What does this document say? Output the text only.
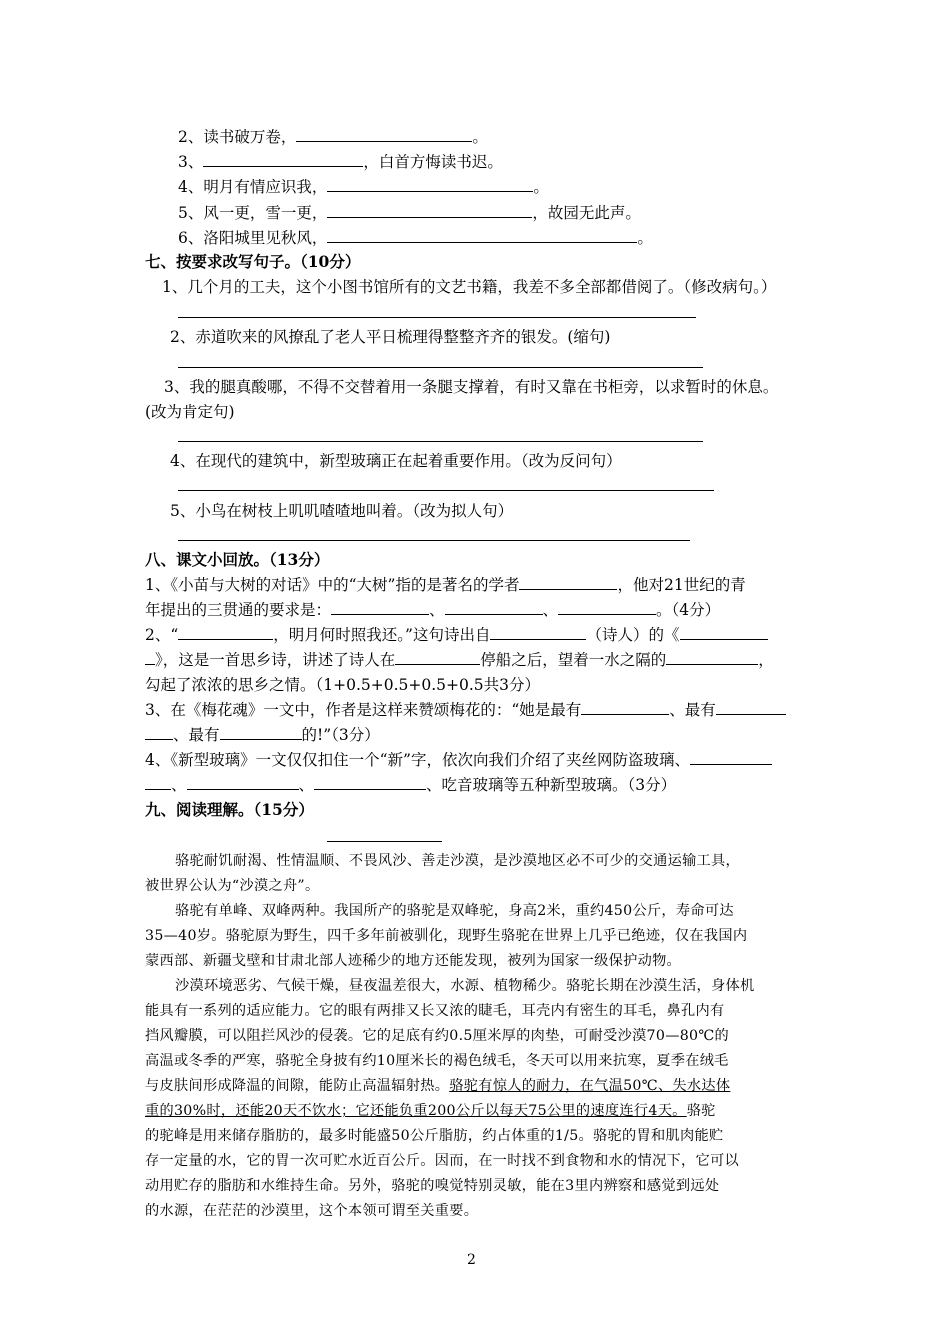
2、读书破万卷，	。
3、	，白首方悔读书迟。
4、明月有情应识我，	。
5、风一更，雪一更，	，故园无此声。
6、洛阳城里见秋风，	。
七、按要求改写句子。（10分）
1、几个月的工夫，这个小图书馆所有的文艺书籍，我差不多全部都借阅了。（修改病句。）
2、赤道吹来的风撩乱了老人平日梳理得整整齐齐的银发。(缩句)
3、我的腿真酸哪，不得不交替着用一条腿支撑着，有时又靠在书柜旁，以求暂时的休息。
(改为肯定句)
4、在现代的建筑中，新型玻璃正在起着重要作用。（改为反问句）
5、小鸟在树枝上叽叽喳喳地叫着。（改为拟人句）
八、课文小回放。（13分）
1、《小苗与大树的对话》中的“大树”指的是著名的学者	，他对21世纪的青
年提出的三贯通的要求是：	、	、	。（4分）
2、“	，明月何时照我还。”这句诗出自	（诗人）的《
》，这是一首思乡诗，讲述了诗人在	停船之后，望着一水之隔的	，
勾起了浓浓的思乡之情。（1+0.5+0.5+0.5+0.5共3分）
3、在《梅花魂》一文中，作者是这样来赞颂梅花的：“她是最有	、最有
、最有	的!”（3分）
4、《新型玻璃》一文仅仅扣住一个“新”字，依次向我们介绍了夹丝网防盗玻璃、
、	、	、吃音玻璃等五种新型玻璃。（3分）
九、阅读理解。（15分）
骆驼耐饥耐渴、性情温顺、不畏风沙、善走沙漠，是沙漠地区必不可少的交通运输工具，
被世界公认为“沙漠之舟”。
骆驼有单峰、双峰两种。我国所产的骆驼是双峰驼，身高2米，重约450公斤，寿命可达
35—40岁。骆驼原为野生，四千多年前被驯化，现野生骆驼在世界上几乎已绝迹，仅在我国内
蒙西部、新疆戈壁和甘肃北部人迹稀少的地方还能发现，被列为国家一级保护动物。
沙漠环境恶劣、气候干燥，昼夜温差很大，水源、植物稀少。骆驼长期在沙漠生活，身体机
能具有一系列的适应能力。它的眼有两排又长又浓的睫毛，耳壳内有密生的耳毛，鼻孔内有
挡风瓣膜，可以阻拦风沙的侵袭。它的足底有约0.5厘米厚的肉垫，可耐受沙漠70—80℃的
高温或冬季的严寒，骆驼全身披有约10厘米长的褐色绒毛，冬天可以用来抗寒，夏季在绒毛
与皮肤间形成降温的间隙，能防止高温辐射热。骆驼有惊人的耐力，在气温50℃、失水达体
重的30%时，还能20天不饮水；它还能负重200公斤以每天75公里的速度连行4天。骆驼
的驼峰是用来储存脂肪的，最多时能盛50公斤脂肪，约占体重的1/5。骆驼的胃和肌肉能贮
存一定量的水，它的胃一次可贮水近百公斤。因而，在一时找不到食物和水的情况下，它可以
动用贮存的脂肪和水维持生命。另外，骆驼的嗅觉特别灵敏，能在3里内辨察和感觉到远处
的水源，在茫茫的沙漠里，这个本领可谓至关重要。
2
